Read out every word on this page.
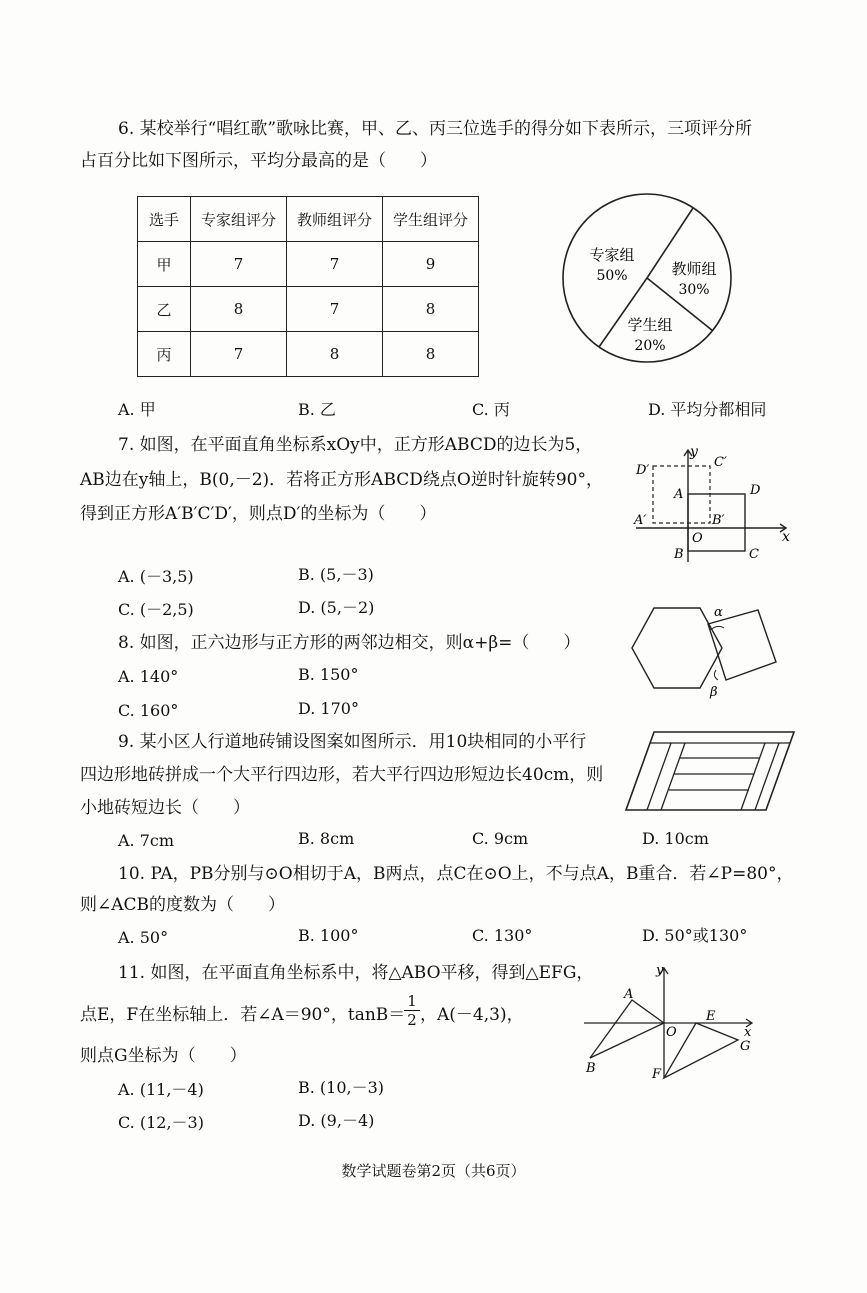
6. 某校举行“唱红歌”歌咏比赛，甲、乙、丙三位选手的得分如下表所示，三项评分所
占百分比如下图所示，平均分最高的是（　　）
选手	专家组评分	教师组评分	学生组评分
甲	7	7	9
乙	8	7	8
丙	7	8	8
专家组
50%	教师组
30%
学生组
20%
A. 甲	B. 乙	C. 丙	D. 平均分都相同
7. 如图，在平面直角坐标系xOy中，正方形ABCD的边长为5，
AB边在y轴上，B(0,－2)．若将正方形ABCD绕点O逆时针旋转90°，
得到正方形A′B′C′D′，则点D′的坐标为（　　）
y
x
O
A
B	C
D
A′	B′
C′
D′
A. (－3,5)	B. (5,－3)
C. (－2,5)	D. (5,－2)
8. 如图，正六边形与正方形的两邻边相交，则α+β=（　　）
α
β
A. 140°	B. 150°
C. 160°	D. 170°
9. 某小区人行道地砖铺设图案如图所示．用10块相同的小平行
四边形地砖拼成一个大平行四边形，若大平行四边形短边长40cm，则
小地砖短边长（　　）
A. 7cm	B. 8cm	C. 9cm	D. 10cm
10. PA，PB分别与⊙O相切于A，B两点，点C在⊙O上，不与点A，B重合．若∠P=80°，
则∠ACB的度数为（　　）
A. 50°	B. 100°	C. 130°	D. 50°或130°
11. 如图，在平面直角坐标系中，将△ABO平移，得到△EFG，
点E，F在坐标轴上．若∠A＝90°，tanB＝
$\frac{1}{2}$ ，A(－4,3)，
则点G坐标为（　　）
y
x
O
A
B
E
F
G
A. (11,－4)	B. (10,－3)
C. (12,－3)	D. (9,－4)
数学试题卷第2页（共6页）
